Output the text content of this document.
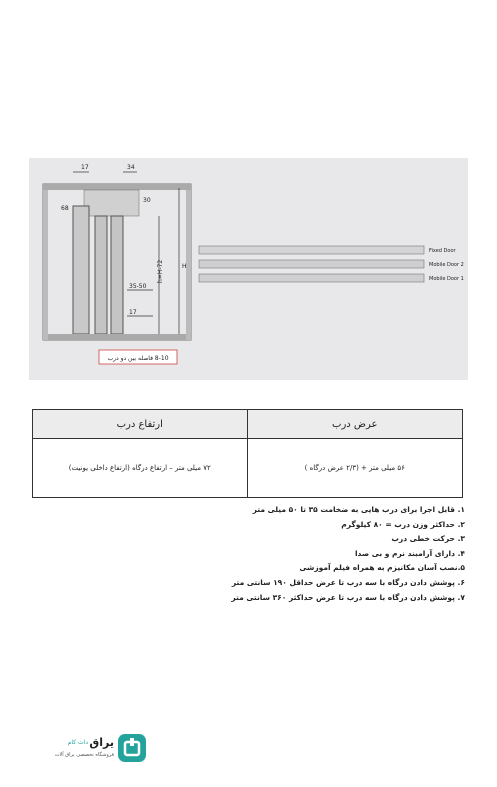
17	34
68
30
h=H-72	H
35-50
17
8-10 فاصله بین دو درب
Fixed Door
Mobile Door 2
Mobile Door 1
ارتفاع درب	عرض درب
۷۲ میلی متر – ارتفاع درگاه (ارتفاع داخلی یونیت)	۵۶ میلی متر + (۲/۳ عرض درگاه )
۱. قابل اجرا برای درب هایی به ضخامت ۳۵ تا ۵۰ میلی متر
۲. حداکثر وزن درب = ۸۰ کیلوگرم
۳. حرکت خطی درب
۴. دارای آرامبند نرم و بی صدا
۵.نصب آسان مکانیزم به همراه فیلم آموزشی
۶. پوشش دادن درگاه با سه درب تا عرض حداقل ۱۹۰ سانتی متر
۷. پوشش دادن درگاه با سه درب تا عرض حداکثر ۳۶۰ سانتی متر
یراق
دات کام
فروشگاه تخصصی یراق آلات
